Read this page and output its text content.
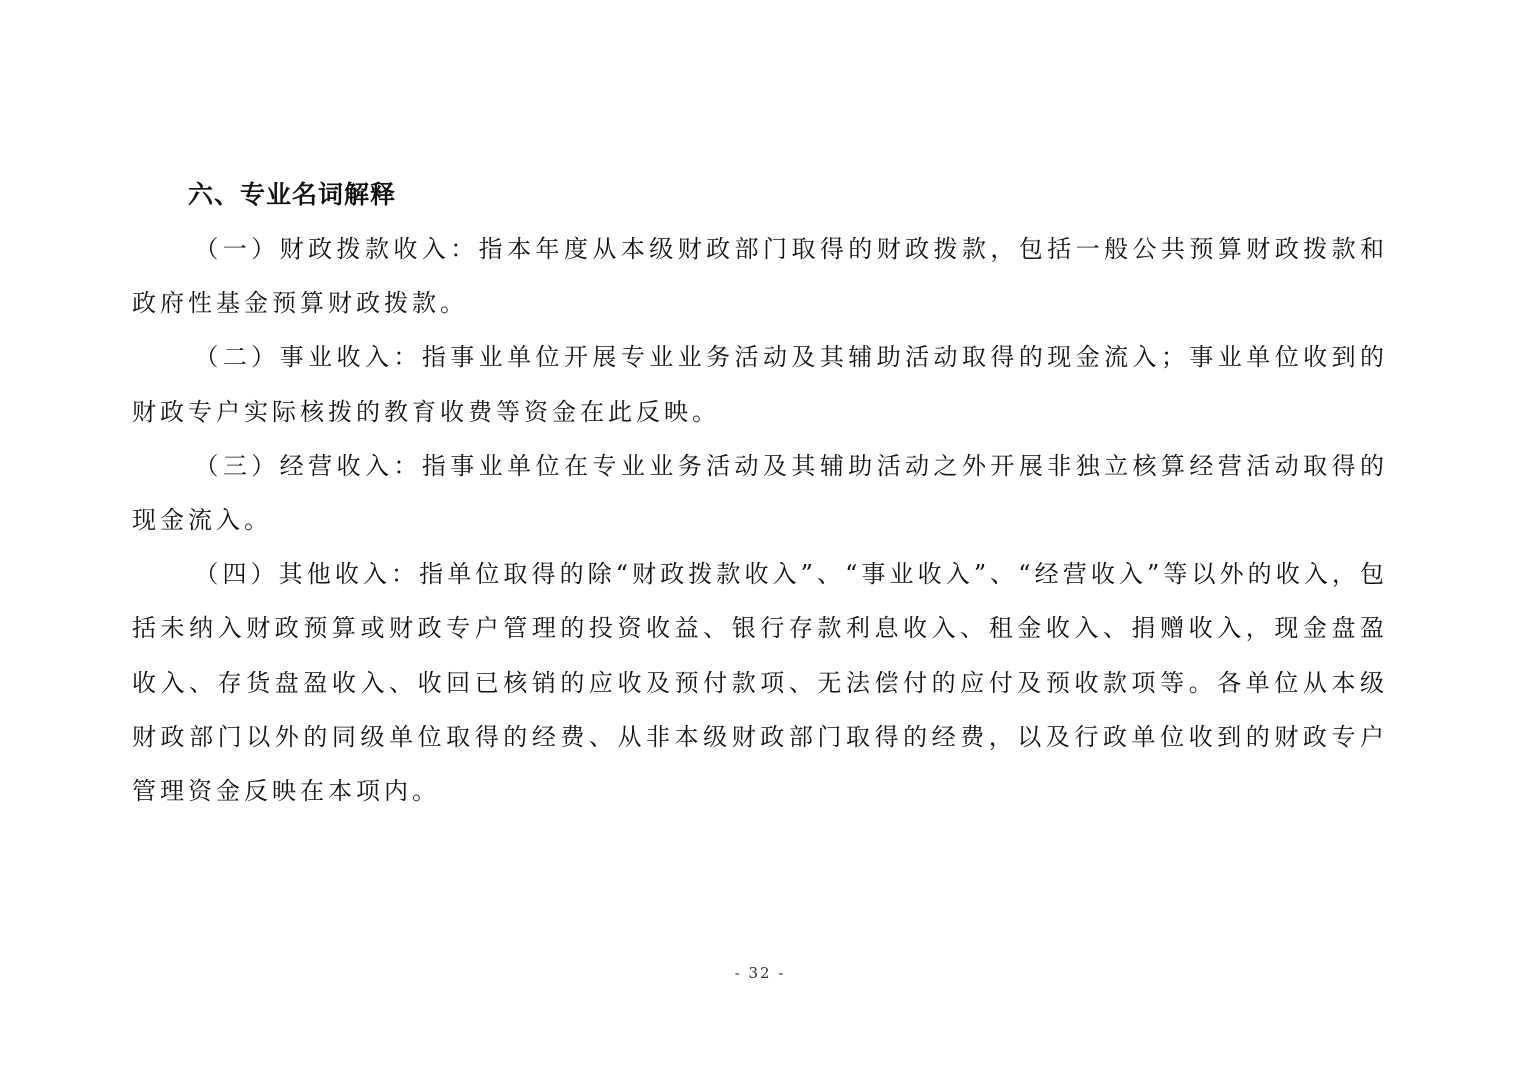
六、专业名词解释

（一）财政拨款收入：指本年度从本级财政部门取得的财政拨款，包括一般公共预算财政拨款和政府性基金预算财政拨款。

（二）事业收入：指事业单位开展专业业务活动及其辅助活动取得的现金流入；事业单位收到的财政专户实际核拨的教育收费等资金在此反映。

（三）经营收入：指事业单位在专业业务活动及其辅助活动之外开展非独立核算经营活动取得的现金流入。

（四）其他收入：指单位取得的除“财政拨款收入”、“事业收入”、“经营收入”等以外的收入，包括未纳入财政预算或财政专户管理的投资收益、银行存款利息收入、租金收入、捐赠收入，现金盘盈收入、存货盘盈收入、收回已核销的应收及预付款项、无法偿付的应付及预收款项等。各单位从本级财政部门以外的同级单位取得的经费、从非本级财政部门取得的经费，以及行政单位收到的财政专户管理资金反映在本项内。

- 32 -
